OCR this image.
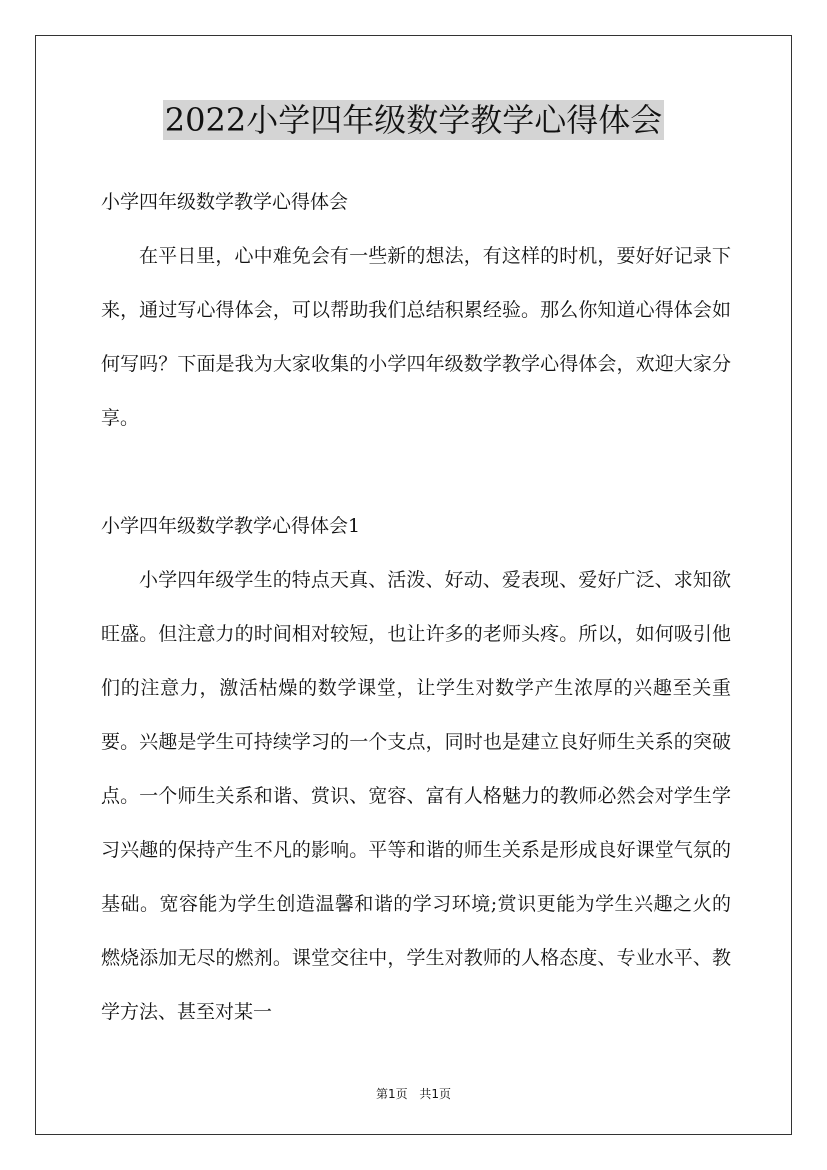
2022小学四年级数学教学心得体会

小学四年级数学教学心得体会

在平日里，心中难免会有一些新的想法，有这样的时机，要好好记录下来，通过写心得体会，可以帮助我们总结积累经验。那么你知道心得体会如何写吗？下面是我为大家收集的小学四年级数学教学心得体会，欢迎大家分享。

小学四年级数学教学心得体会1

小学四年级学生的特点天真、活泼、好动、爱表现、爱好广泛、求知欲旺盛。但注意力的时间相对较短，也让许多的老师头疼。所以，如何吸引他们的注意力，激活枯燥的数学课堂，让学生对数学产生浓厚的兴趣至关重要。兴趣是学生可持续学习的一个支点，同时也是建立良好师生关系的突破点。一个师生关系和谐、赏识、宽容、富有人格魅力的教师必然会对学生学习兴趣的保持产生不凡的影响。平等和谐的师生关系是形成良好课堂气氛的基础。宽容能为学生创造温馨和谐的学习环境;赏识更能为学生兴趣之火的燃烧添加无尽的燃剂。课堂交往中，学生对教师的人格态度、专业水平、教学方法、甚至对某一

第1页 共1页
